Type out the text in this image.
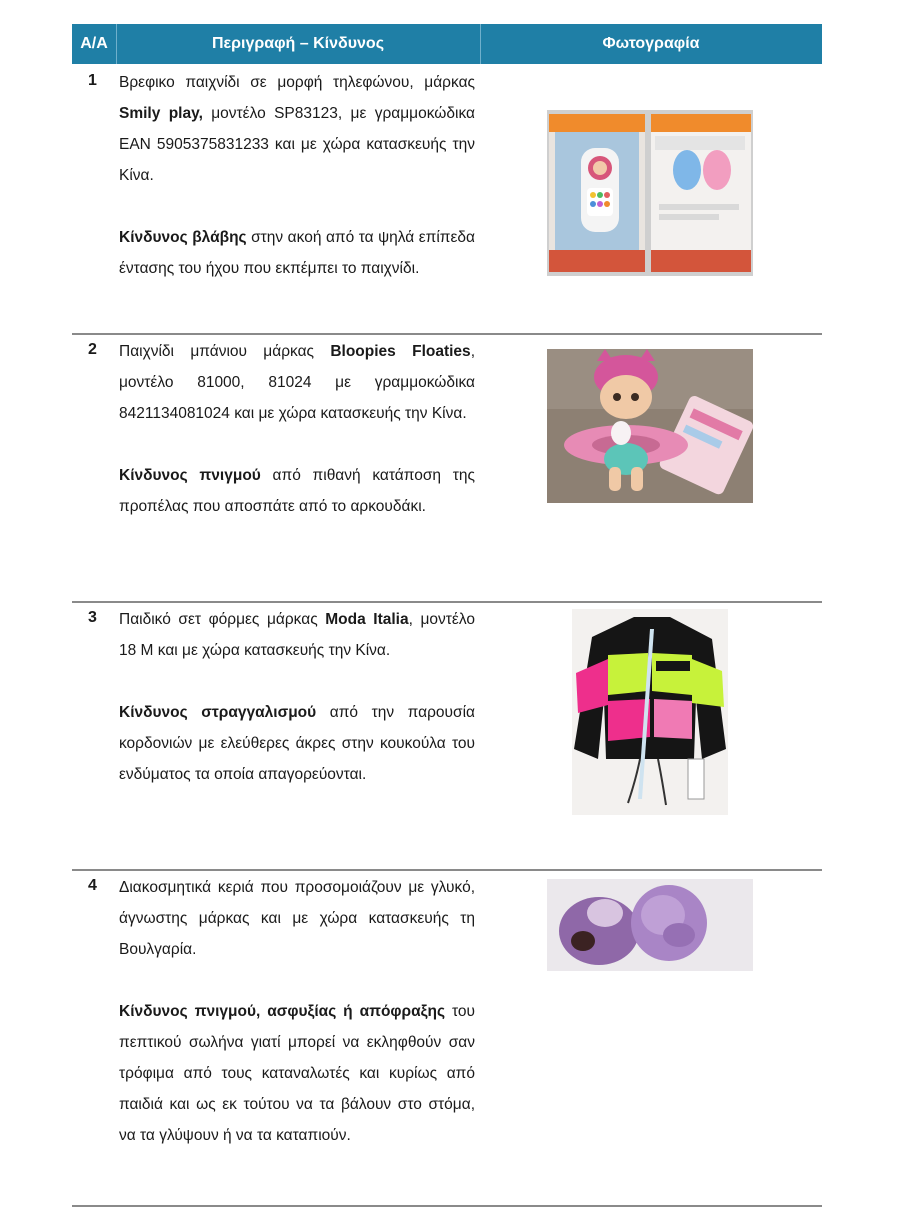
Α/Α	Περιγραφή – Κίνδυνος	Φωτογραφία
1 Βρεφικο παιχνίδι σε μορφή τηλεφώνου, μάρκας Smily play, μοντέλο SP83123, με γραμμοκώδικα EAN 5905375831233 και με χώρα κατασκευής την Κίνα.

Κίνδυνος βλάβης στην ακοή από τα ψηλά επίπεδα έντασης του ήχου που εκπέμπει το παιχνίδι.

2 Παιχνίδι μπάνιου μάρκας Bloopies Floaties, μοντέλο 81000, 81024 με γραμμοκώδικα 8421134081024 και με χώρα κατασκευής την Κίνα.

Κίνδυνος πνιγμού από πιθανή κατάποση της προπέλας που αποσπάτε από το αρκουδάκι.

3 Παιδικό σετ φόρμες μάρκας Moda Italia, μοντέλο 18 Μ και με χώρα κατασκευής την Κίνα.

Κίνδυνος στραγγαλισμού από την παρουσία κορδονιών με ελεύθερες άκρες στην κουκούλα του ενδύματος τα οποία απαγορεύονται.

4 Διακοσμητικά κεριά που προσομοιάζουν με γλυκό, άγνωστης μάρκας και με χώρα κατασκευής τη Βουλγαρία.

Κίνδυνος πνιγμού, ασφυξίας ή απόφραξης του πεπτικού σωλήνα γιατί μπορεί να εκληφθούν σαν τρόφιμα από τους καταναλωτές και κυρίως από παιδιά και ως εκ τούτου να τα βάλουν στο στόμα, να τα γλύψουν ή να τα καταπιούν.
